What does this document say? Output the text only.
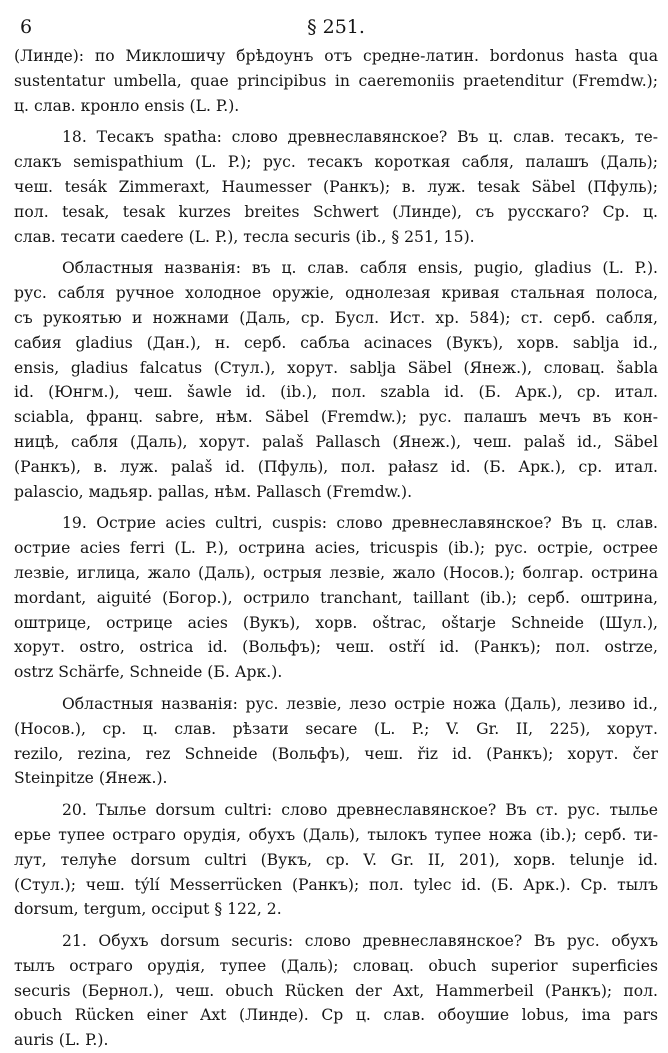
6	§ 251.
(Линде): по Миклошичу брѣдоунъ отъ средне-латин. bordonus hasta qua
sustentatur umbella, quae principibus in caeremoniis praetenditur (Fremdw.);
ц. слав. кронло ensis (L. P.).
18. Тесакъ spatha: слово древнеславянское? Въ ц. слав. тесакъ, те-
слакъ semispathium (L. P.); рус. тесакъ короткая сабля, палашъ (Даль);
чеш. tesák Zimmeraxt, Haumesser (Ранкъ); в. луж. tesak Säbel (Пфуль);
пол. tesak, tesak kurzes breites Schwert (Линде), съ русскаго? Ср. ц.
слав. тесати caedere (L. P.), тесла securis (ib., § 251, 15).
Областныя названія: въ ц. слав. сабля ensis, pugio, gladius (L. P.).
рус. сабля ручное холодное оружіе, однолезая кривая стальная полоса,
съ рукоятью и ножнами (Даль, ср. Бусл. Ист. хр. 584); ст. серб. сабля,
сабия gladius (Дан.), н. серб. сабља acinaces (Вукъ), хорв. sablja id.,
ensis, gladius falcatus (Стул.), хорут. sablja Säbel (Янеж.), словац. šabla
id. (Юнгм.), чеш. šawle id. (ib.), пол. szabla id. (Б. Арк.), ср. итал.
sciabla, франц. sabre, нѣм. Säbel (Fremdw.); рус. палашъ мечъ въ кон-
ницѣ, сабля (Даль), хорут. palaš Pallasch (Янеж.), чеш. palaš id., Säbel
(Ранкъ), в. луж. palaš id. (Пфуль), пол. pałasz id. (Б. Арк.), ср. итал.
palascio, мадьяр. pallas, нѣм. Pallasch (Fremdw.).
19. Острие acies cultri, cuspis: слово древнеславянское? Въ ц. слав.
острие acies ferri (L. P.), острина acies, tricuspis (ib.); рус. остріе, острее
лезвіе, иглица, жало (Даль), острыя лезвіе, жало (Носов.); болгар. острина
mordant, aiguité (Богор.), острило tranchant, taillant (ib.); серб. оштрина,
оштрице, острице acies (Вукъ), хорв. oštrac, oštarje Schneide (Шул.),
хорут. ostro, ostrica id. (Вольфъ); чеш. ostří id. (Ранкъ); пол. ostrze,
ostrz Schärfe, Schneide (Б. Арк.).
Областныя названія: рус. лезвіе, лезо остріе ножа (Даль), лезиво id.,
(Носов.), ср. ц. слав. рѣзати secare (L. P.; V. Gr. II, 225), хорут.
rezilo, rezina, rez Schneide (Вольфъ), чеш. řiz id. (Ранкъ); хорут. čer
Steinpitze (Янеж.).
20. Тылье dorsum cultri: слово древнеславянское? Въ ст. рус. тылье
ерье тупее остраго орудія, обухъ (Даль), тылокъ тупее ножа (ib.); серб. ти-
лут, телуће dorsum cultri (Вукъ, ср. V. Gr. II, 201), хорв. telunje id.
(Стул.); чеш. týlí Messerrücken (Ранкъ); пол. tylec id. (Б. Арк.). Ср. тылъ
dorsum, tergum, occiput § 122, 2.
21. Обухъ dorsum securis: слово древнеславянское? Въ рус. обухъ
тылъ остраго орудія, тупее (Даль); словац. obuch superior superficies
securis (Бернол.), чеш. obuch Rücken der Axt, Hammerbeil (Ранкъ); пол.
obuch Rücken einer Axt (Линде). Ср ц. слав. обоушие lobus, ima pars
auris (L. P.).
